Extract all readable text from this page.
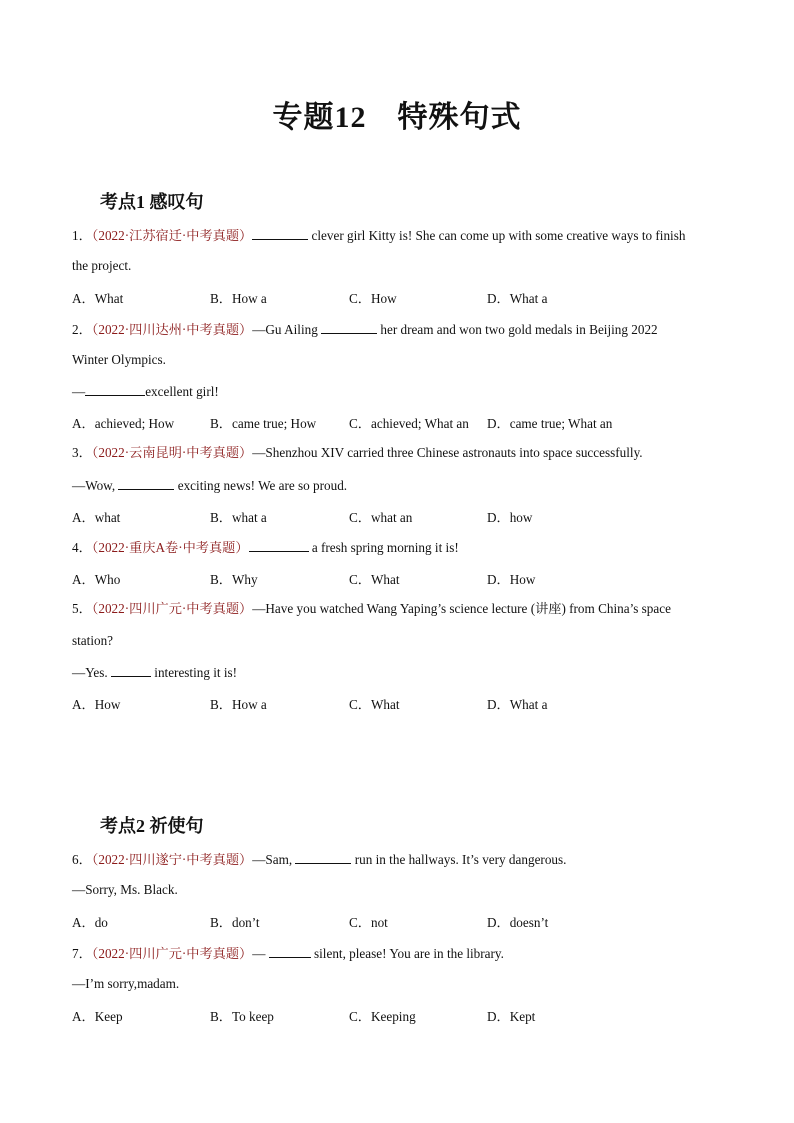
专题12　特殊句式
考点1 感叹句
1．（2022·江苏宿迁·中考真题）	clever girl Kitty is! She can come up with some creative ways to finish
the project.
A．What	B．How a	C．How	D．What a
2．（2022·四川达州·中考真题）—Gu Ailing	her dream and won two gold medals in Beijing 2022
Winter Olympics.
—	excellent girl!
A．achieved; How	B．came true; How C．achieved; What an D．came true; What an
3．（2022·云南昆明·中考真题）—Shenzhou XIV carried three Chinese astronauts into space successfully.
—Wow,	exciting news! We are so proud.
A．what	B．what a	C．what an	D．how
4．（2022·重庆A卷·中考真题）	a fresh spring morning it is!
A．Who	B．Why	C．What	D．How
5．（2022·四川广元·中考真题）—Have you watched Wang Yaping’s science lecture (讲座) from China’s space
station?
—Yes.	interesting it is!
A．How	B．How a	C．What	D．What a
考点2 祈使句
6．（2022·四川遂宁·中考真题）—Sam,	run in the hallways. It’s very dangerous.
—Sorry, Ms. Black.
A．do	B．don’t	C．not	D．doesn’t
7．（2022·四川广元·中考真题）—	silent, please! You are in the library.
—I’m sorry,madam.
A．Keep	B．To keep	C．Keeping	D．Kept
